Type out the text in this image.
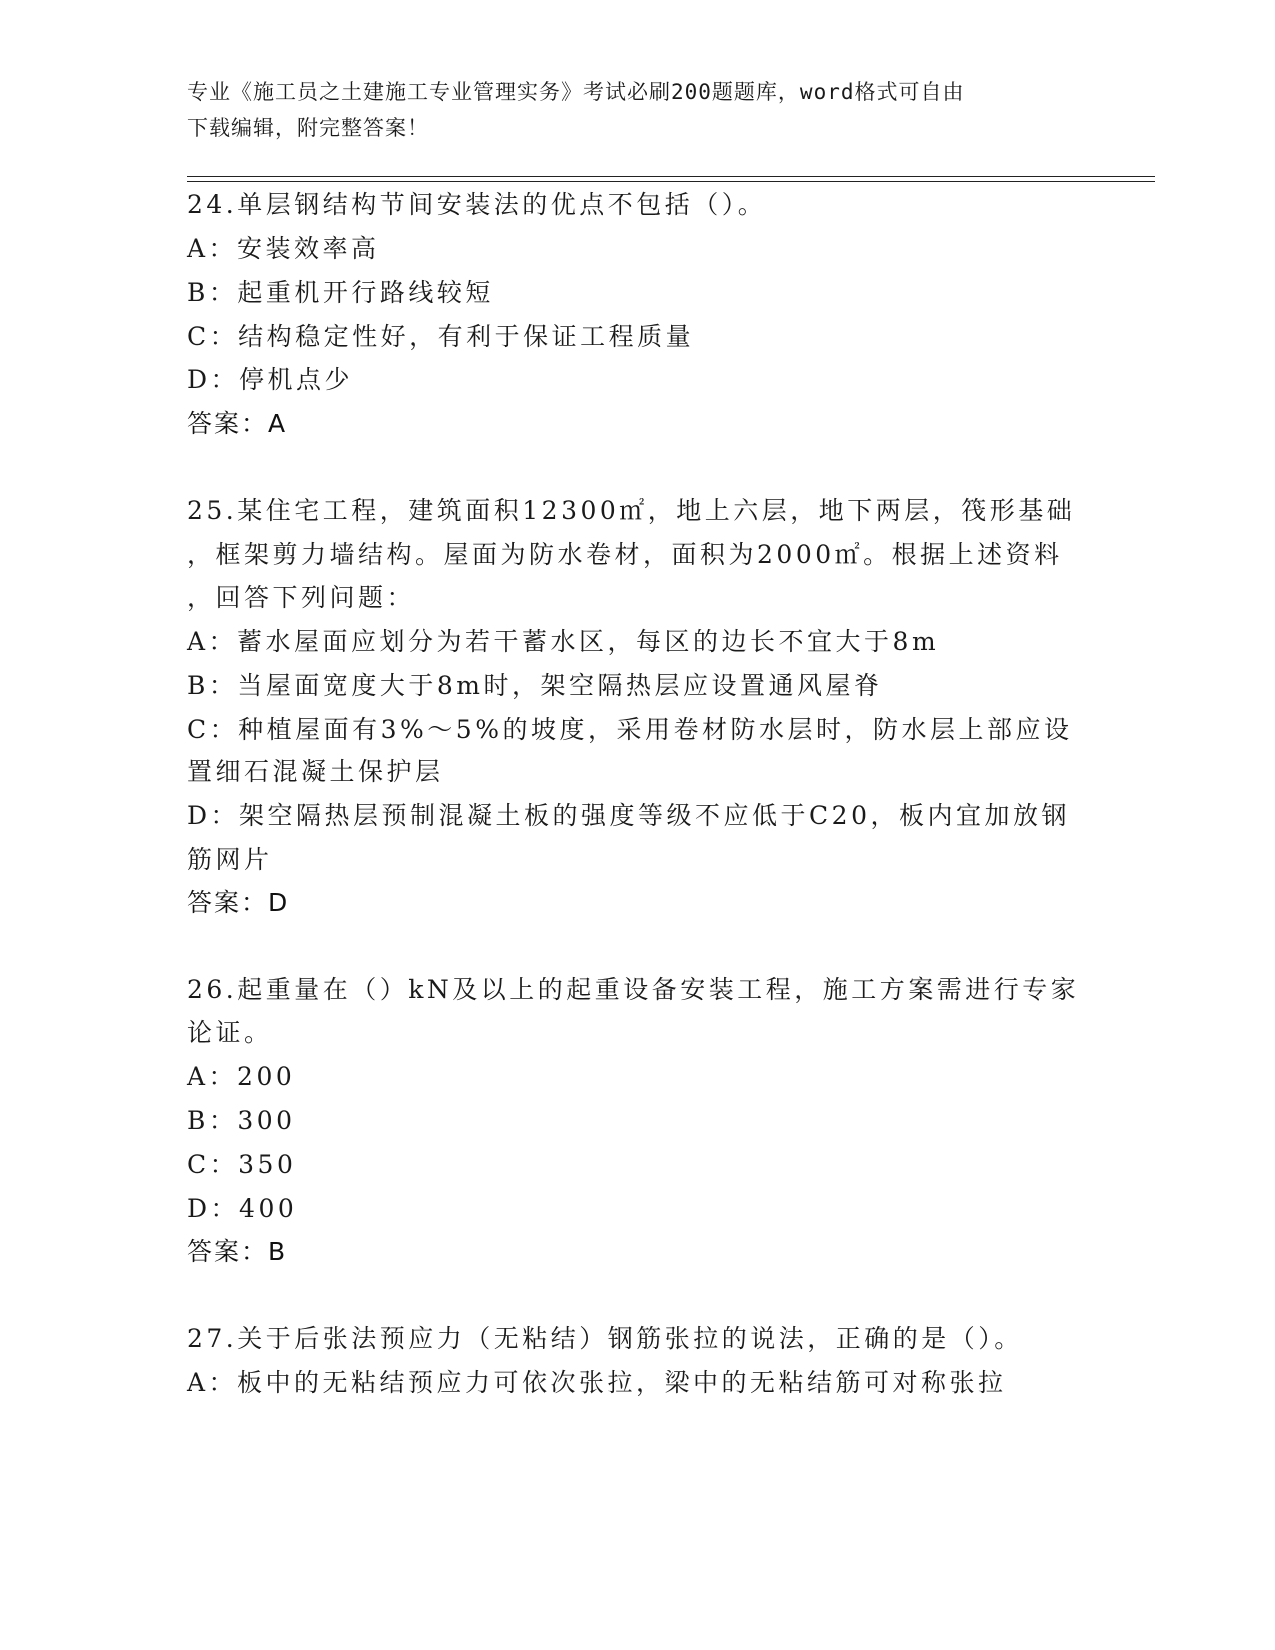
专业《施工员之土建施工专业管理实务》考试必刷200题题库，word格式可自由
下载编辑，附完整答案！
24.单层钢结构节间安装法的优点不包括（）。
A：安装效率高
B：起重机开行路线较短
C：结构稳定性好，有利于保证工程质量
D：停机点少
答案：A
25.某住宅工程，建筑面积12300㎡，地上六层，地下两层，筏形基础
，框架剪力墙结构。屋面为防水卷材，面积为2000㎡。根据上述资料
，回答下列问题：
A：蓄水屋面应划分为若干蓄水区，每区的边长不宜大于8m
B：当屋面宽度大于8m时，架空隔热层应设置通风屋脊
C：种植屋面有3%～5%的坡度，采用卷材防水层时，防水层上部应设
置细石混凝土保护层
D：架空隔热层预制混凝土板的强度等级不应低于C20，板内宜加放钢
筋网片
答案：D
26.起重量在（）kN及以上的起重设备安装工程，施工方案需进行专家
论证。
A：200
B：300
C：350
D：400
答案：B
27.关于后张法预应力（无粘结）钢筋张拉的说法，正确的是（）。
A：板中的无粘结预应力可依次张拉，梁中的无粘结筋可对称张拉
